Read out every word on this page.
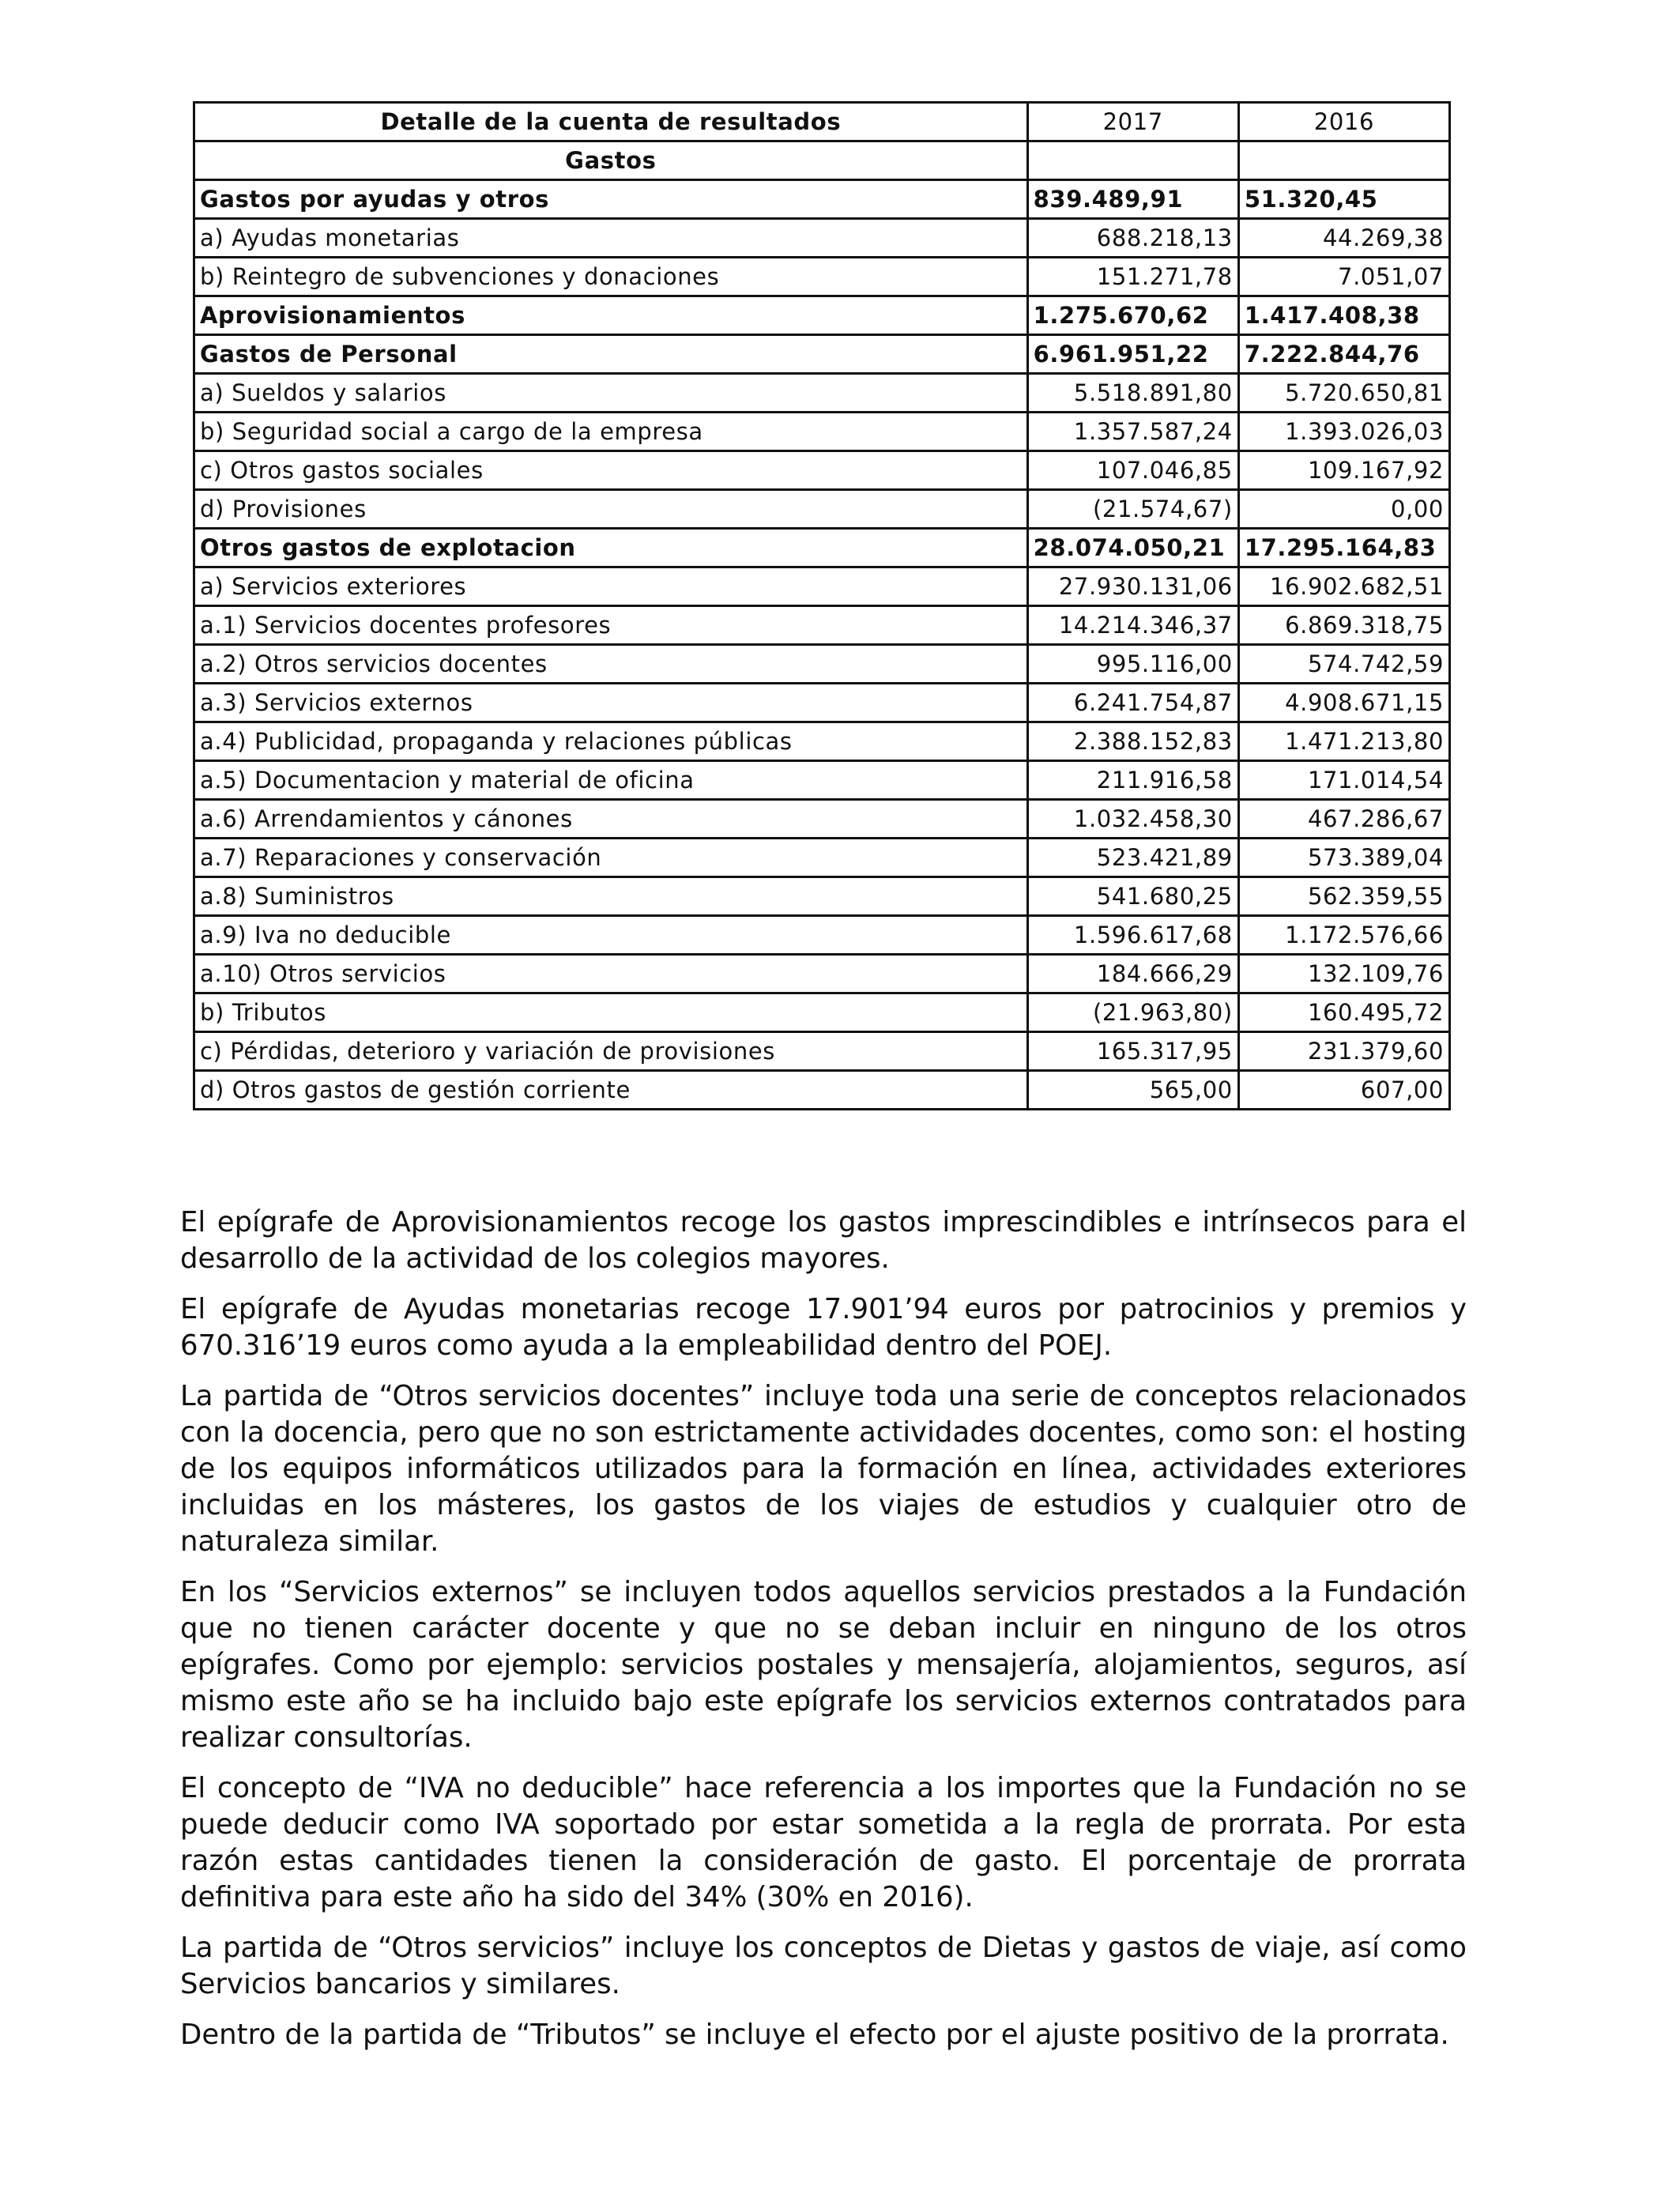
Detalle de la cuenta de resultados	2017	2016
Gastos		
Gastos por ayudas y otros	839.489,91	51.320,45
a) Ayudas monetarias	688.218,13	44.269,38
b) Reintegro de subvenciones y donaciones	151.271,78	7.051,07
Aprovisionamientos	1.275.670,62	1.417.408,38
Gastos de Personal	6.961.951,22	7.222.844,76
a) Sueldos y salarios	5.518.891,80	5.720.650,81
b) Seguridad social a cargo de la empresa	1.357.587,24	1.393.026,03
c) Otros gastos sociales	107.046,85	109.167,92
d) Provisiones	(21.574,67)	0,00
Otros gastos de explotacion	28.074.050,21	17.295.164,83
a) Servicios exteriores	27.930.131,06	16.902.682,51
a.1) Servicios docentes profesores	14.214.346,37	6.869.318,75
a.2) Otros servicios docentes	995.116,00	574.742,59
a.3) Servicios externos	6.241.754,87	4.908.671,15
a.4) Publicidad, propaganda y relaciones públicas	2.388.152,83	1.471.213,80
a.5) Documentacion y material de oficina	211.916,58	171.014,54
a.6) Arrendamientos y cánones	1.032.458,30	467.286,67
a.7) Reparaciones y conservación	523.421,89	573.389,04
a.8) Suministros	541.680,25	562.359,55
a.9) Iva no deducible	1.596.617,68	1.172.576,66
a.10) Otros servicios	184.666,29	132.109,76
b) Tributos	(21.963,80)	160.495,72
c) Pérdidas, deterioro y variación de provisiones	165.317,95	231.379,60
d) Otros gastos de gestión corriente	565,00	607,00

El epígrafe de Aprovisionamientos recoge los gastos imprescindibles e intrínsecos para el desarrollo de la actividad de los colegios mayores.

El epígrafe de Ayudas monetarias recoge 17.901’94 euros por patrocinios y premios y 670.316’19 euros como ayuda a la empleabilidad dentro del POEJ.

La partida de “Otros servicios docentes” incluye toda una serie de conceptos relacionados con la docencia, pero que no son estrictamente actividades docentes, como son: el hosting de los equipos informáticos utilizados para la formación en línea, actividades exteriores incluidas en los másteres, los gastos de los viajes de estudios y cualquier otro de naturaleza similar.

En los “Servicios externos” se incluyen todos aquellos servicios prestados a la Fundación que no tienen carácter docente y que no se deban incluir en ninguno de los otros epígrafes. Como por ejemplo: servicios postales y mensajería, alojamientos, seguros, así mismo este año se ha incluido bajo este epígrafe los servicios externos contratados para realizar consultorías.

El concepto de “IVA no deducible” hace referencia a los importes que la Fundación no se puede deducir como IVA soportado por estar sometida a la regla de prorrata. Por esta razón estas cantidades tienen la consideración de gasto. El porcentaje de prorrata definitiva para este año ha sido del 34% (30% en 2016).

La partida de “Otros servicios” incluye los conceptos de Dietas y gastos de viaje, así como Servicios bancarios y similares.

Dentro de la partida de “Tributos” se incluye el efecto por el ajuste positivo de la prorrata.
